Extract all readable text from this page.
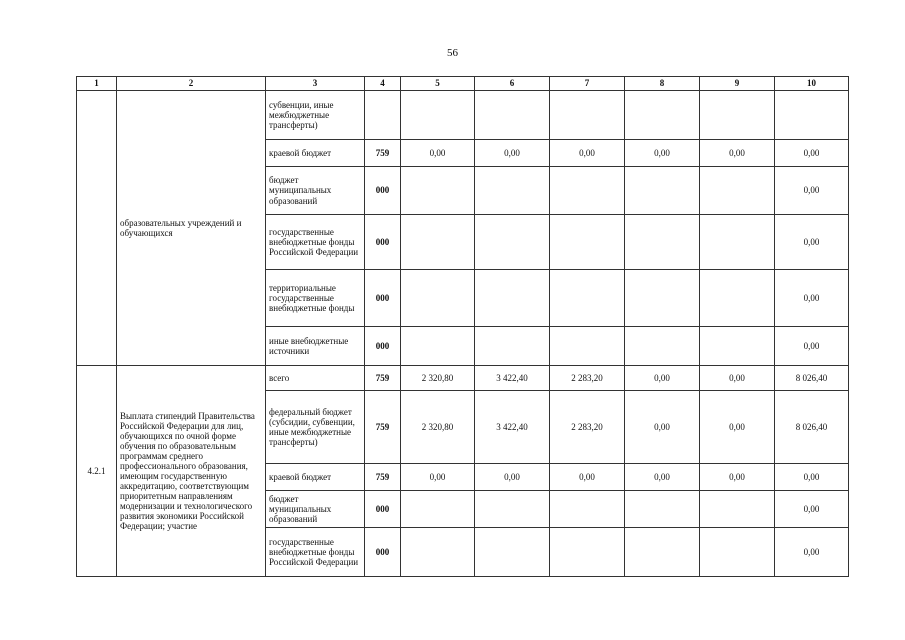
56
1	2	3	4	5	6	7	8	9	10
	образовательных учреждений и обучающихся	субвенции, иные межбюджетные трансферты)							
		краевой бюджет	759	0,00	0,00	0,00	0,00	0,00	0,00
		бюджет муниципальных образований	000						0,00
		государственные внебюджетные фонды Российской Федерации	000						0,00
		территориальные государственные внебюджетные фонды	000						0,00
		иные внебюджетные источники	000						0,00
4.2.1	Выплата стипендий Правительства Российской Федерации для лиц, обучающихся по очной форме обучения по образовательным программам среднего профессионального образования, имеющим государственную аккредитацию, соответствующим приоритетным направлениям модернизации и технологического развития экономики Российской Федерации; участие	всего	759	2 320,80	3 422,40	2 283,20	0,00	0,00	8 026,40
		федеральный бюджет (субсидии, субвенции, иные межбюджетные трансферты)	759	2 320,80	3 422,40	2 283,20	0,00	0,00	8 026,40
		краевой бюджет	759	0,00	0,00	0,00	0,00	0,00	0,00
		бюджет муниципальных образований	000						0,00
		государственные внебюджетные фонды Российской Федерации	000						0,00
